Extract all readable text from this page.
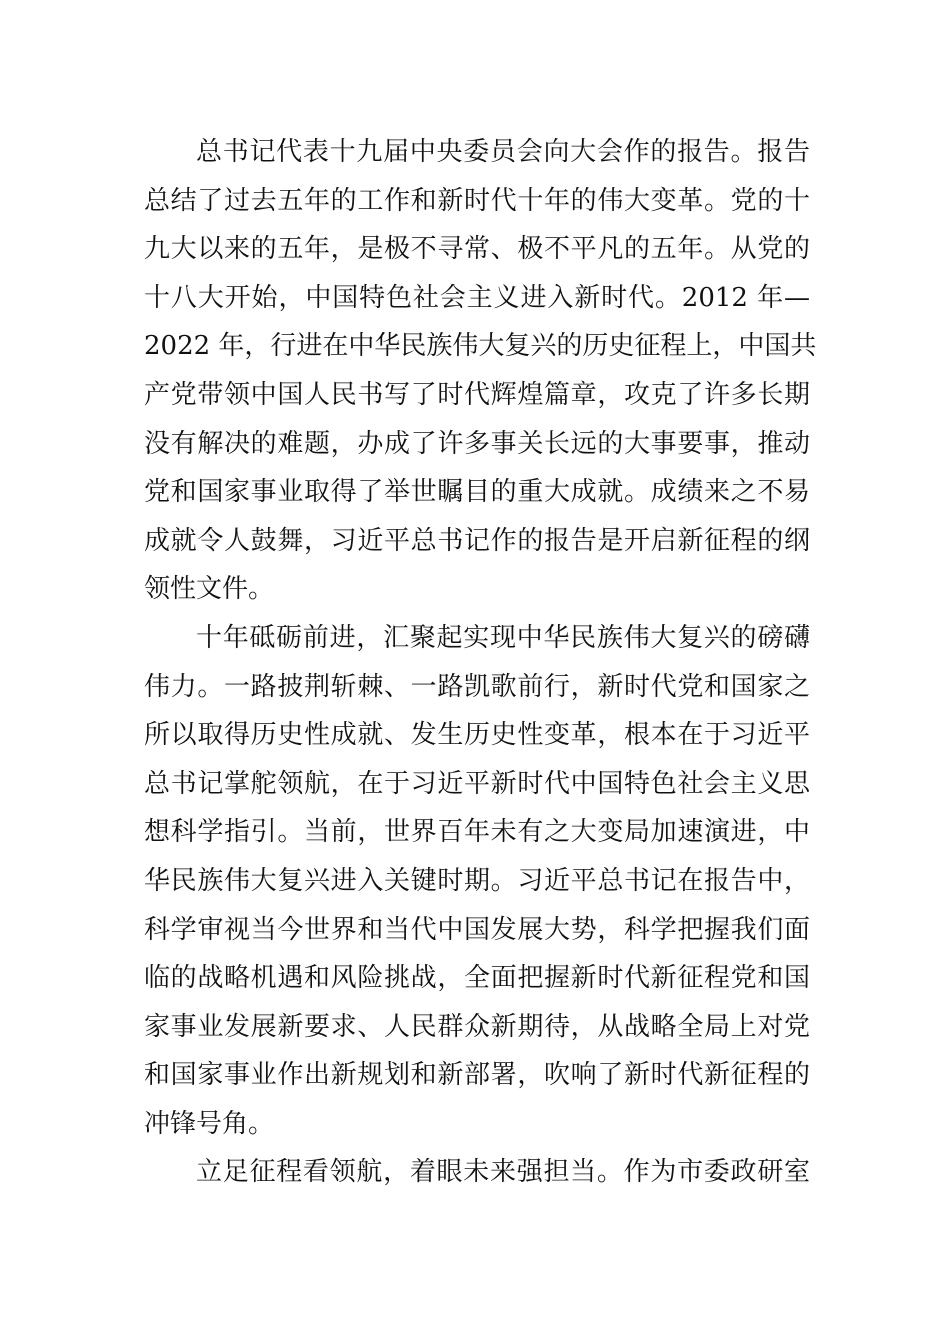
总书记代表十九届中央委员会向大会作的报告。报告
总结了过去五年的工作和新时代十年的伟大变革。党的十
九大以来的五年，是极不寻常、极不平凡的五年。从党的
十八大开始，中国特色社会主义进入新时代。2012 年—
2022 年，行进在中华民族伟大复兴的历史征程上，中国共
产党带领中国人民书写了时代辉煌篇章，攻克了许多长期
没有解决的难题，办成了许多事关长远的大事要事，推动
党和国家事业取得了举世瞩目的重大成就。成绩来之不易
成就令人鼓舞，习近平总书记作的报告是开启新征程的纲
领性文件。
十年砥砺前进，汇聚起实现中华民族伟大复兴的磅礴
伟力。一路披荆斩棘、一路凯歌前行，新时代党和国家之
所以取得历史性成就、发生历史性变革，根本在于习近平
总书记掌舵领航，在于习近平新时代中国特色社会主义思
想科学指引。当前，世界百年未有之大变局加速演进，中
华民族伟大复兴进入关键时期。习近平总书记在报告中，
科学审视当今世界和当代中国发展大势，科学把握我们面
临的战略机遇和风险挑战，全面把握新时代新征程党和国
家事业发展新要求、人民群众新期待，从战略全局上对党
和国家事业作出新规划和新部署，吹响了新时代新征程的
冲锋号角。
立足征程看领航，着眼未来强担当。作为市委政研室
